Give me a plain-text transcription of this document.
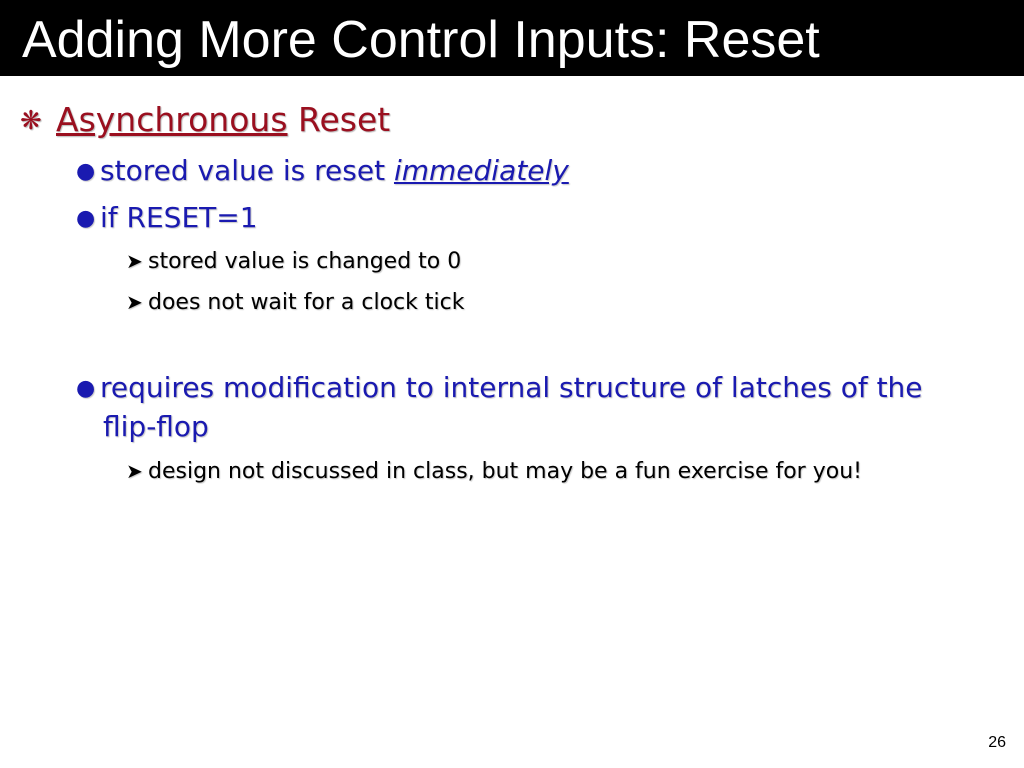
Adding More Control Inputs: Reset
❋ Asynchronous Reset
● stored value is reset immediately
● if RESET=1
➤ stored value is changed to 0
➤ does not wait for a clock tick
● requires modification to internal structure of latches of the
flip-flop
➤ design not discussed in class, but may be a fun exercise for you!
26
